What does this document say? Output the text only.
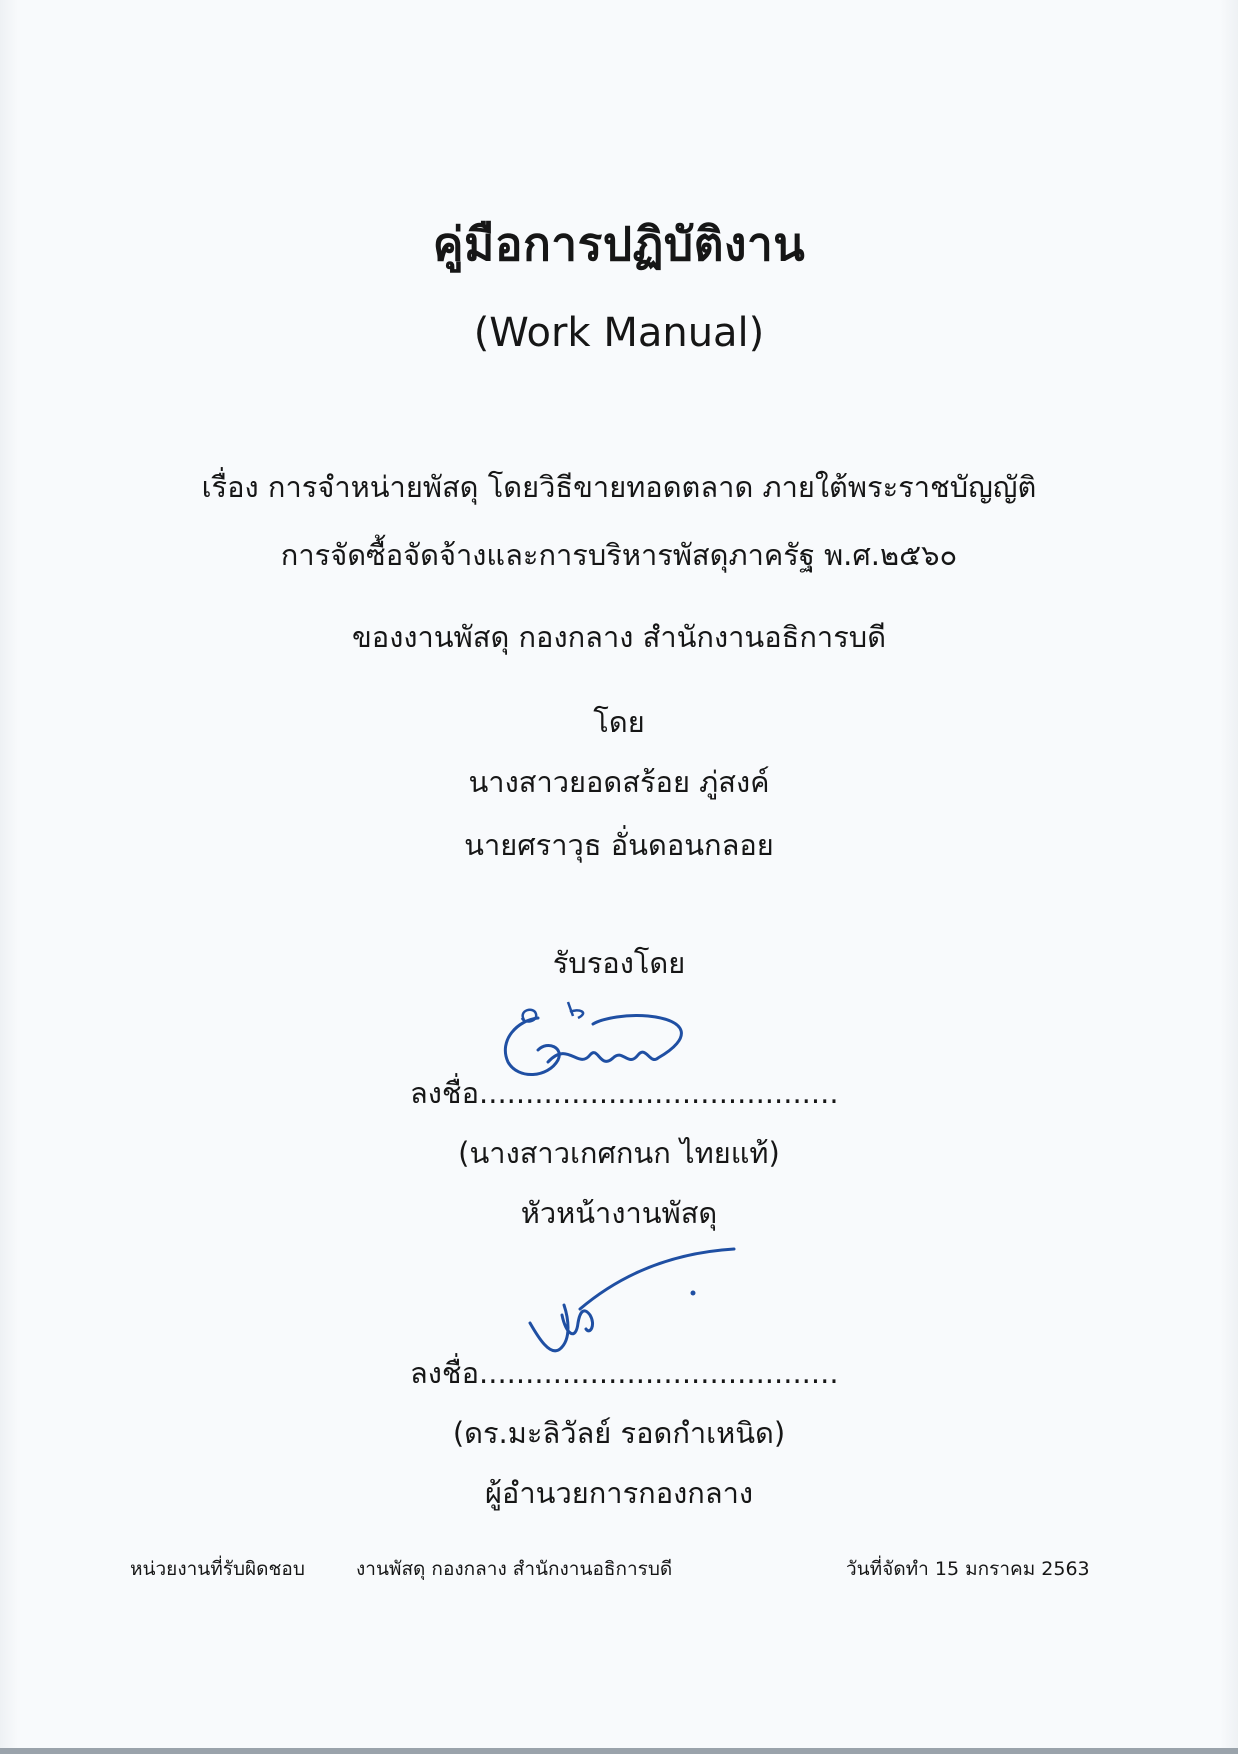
คู่มือการปฏิบัติงาน
(Work Manual)
เรื่อง การจำหน่ายพัสดุ โดยวิธีขายทอดตลาด ภายใต้พระราชบัญญัติ
การจัดซื้อจัดจ้างและการบริหารพัสดุภาครัฐ พ.ศ.๒๕๖๐
ของงานพัสดุ กองกลาง สำนักงานอธิการบดี
โดย
นางสาวยอดสร้อย ภู่สงค์
นายศราวุธ อั่นดอนกลอย
รับรองโดย
ลงชื่อ.......................................
(นางสาวเกศกนก ไทยแท้)
หัวหน้างานพัสดุ
ลงชื่อ.......................................
(ดร.มะลิวัลย์ รอดกำเหนิด)
ผู้อำนวยการกองกลาง
หน่วยงานที่รับผิดชอบ	งานพัสดุ กองกลาง สำนักงานอธิการบดี	วันที่จัดทำ 15 มกราคม 2563
